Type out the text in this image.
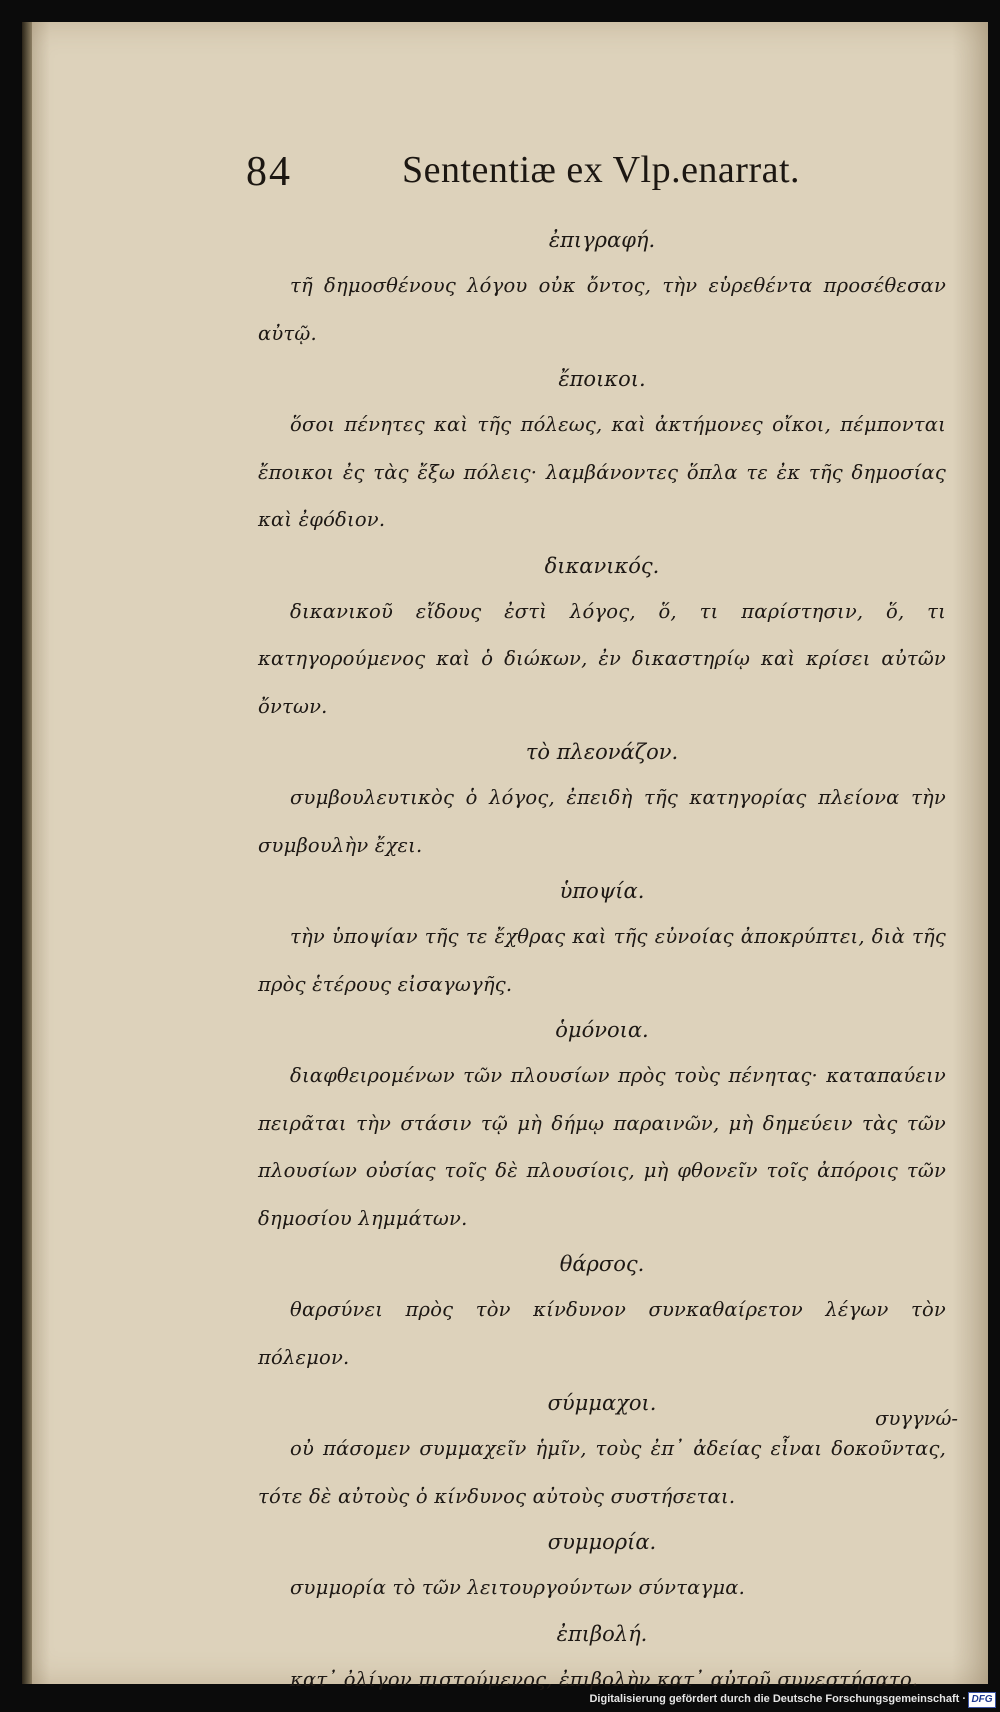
84	Sententiæ ex Vlp.enarrat.
ἐπιγραφή.

τῆ δημοσθένους λόγου οὐκ ὄντος, τὴν εὑρεθέντα προσέθεσαν αὐτῷ.

ἔποικοι.

ὅσοι πένητες καὶ τῆς πόλεως, καὶ ἀκτήμονες οἴκοι, πέμπονται ἔποικοι ἐς τὰς ἔξω πόλεις· λαμβάνοντες ὅπλα τε ἐκ τῆς δημοσίας καὶ ἐφόδιον.

δικανικός.

δικανικοῦ εἴδους ἐστὶ λόγος, ὅ, τι παρίστησιν, ὅ, τι κατηγορούμενος καὶ ὁ διώκων, ἐν δικαστηρίῳ καὶ κρίσει αὐτῶν ὄντων.

τὸ πλεονάζον.

συμβουλευτικὸς ὁ λόγος, ἐπειδὴ τῆς κατηγορίας πλείονα τὴν συμβουλὴν ἔχει.

ὑποψία.

τὴν ὑποψίαν τῆς τε ἔχθρας καὶ τῆς εὐνοίας ἀποκρύπτει, διὰ τῆς πρὸς ἑτέρους εἰσαγωγῆς.

ὁμόνοια.

διαφθειρομένων τῶν πλουσίων πρὸς τοὺς πένητας· καταπαύειν πειρᾶται τὴν στάσιν τῷ μὴ δήμῳ παραινῶν, μὴ δημεύειν τὰς τῶν πλουσίων οὐσίας τοῖς δὲ πλουσίοις, μὴ φθονεῖν τοῖς ἀπόροις τῶν δημοσίου λημμάτων.

θάρσος.

θαρσύνει πρὸς τὸν κίνδυνον συνκαθαίρετον λέγων τὸν πόλεμον.

σύμμαχοι.

οὐ πάσομεν συμμαχεῖν ἡμῖν, τοὺς ἐπ᾽ ἀδείας εἶναι δοκοῦντας, τότε δὲ αὐτοὺς ὁ κίνδυνος αὐτοὺς συστήσεται.

συμμορία.

συμμορία τὸ τῶν λειτουργούντων σύνταγμα.

ἐπιβολή.

κατ᾽ ὀλίγον πιστούμενος, ἐπιβολὴν κατ᾽ αὐτοῦ συνεστήσατο.

συγγνώ-
Digitalisierung gefördert durch die Deutsche Forschungsgemeinschaft · DFG
